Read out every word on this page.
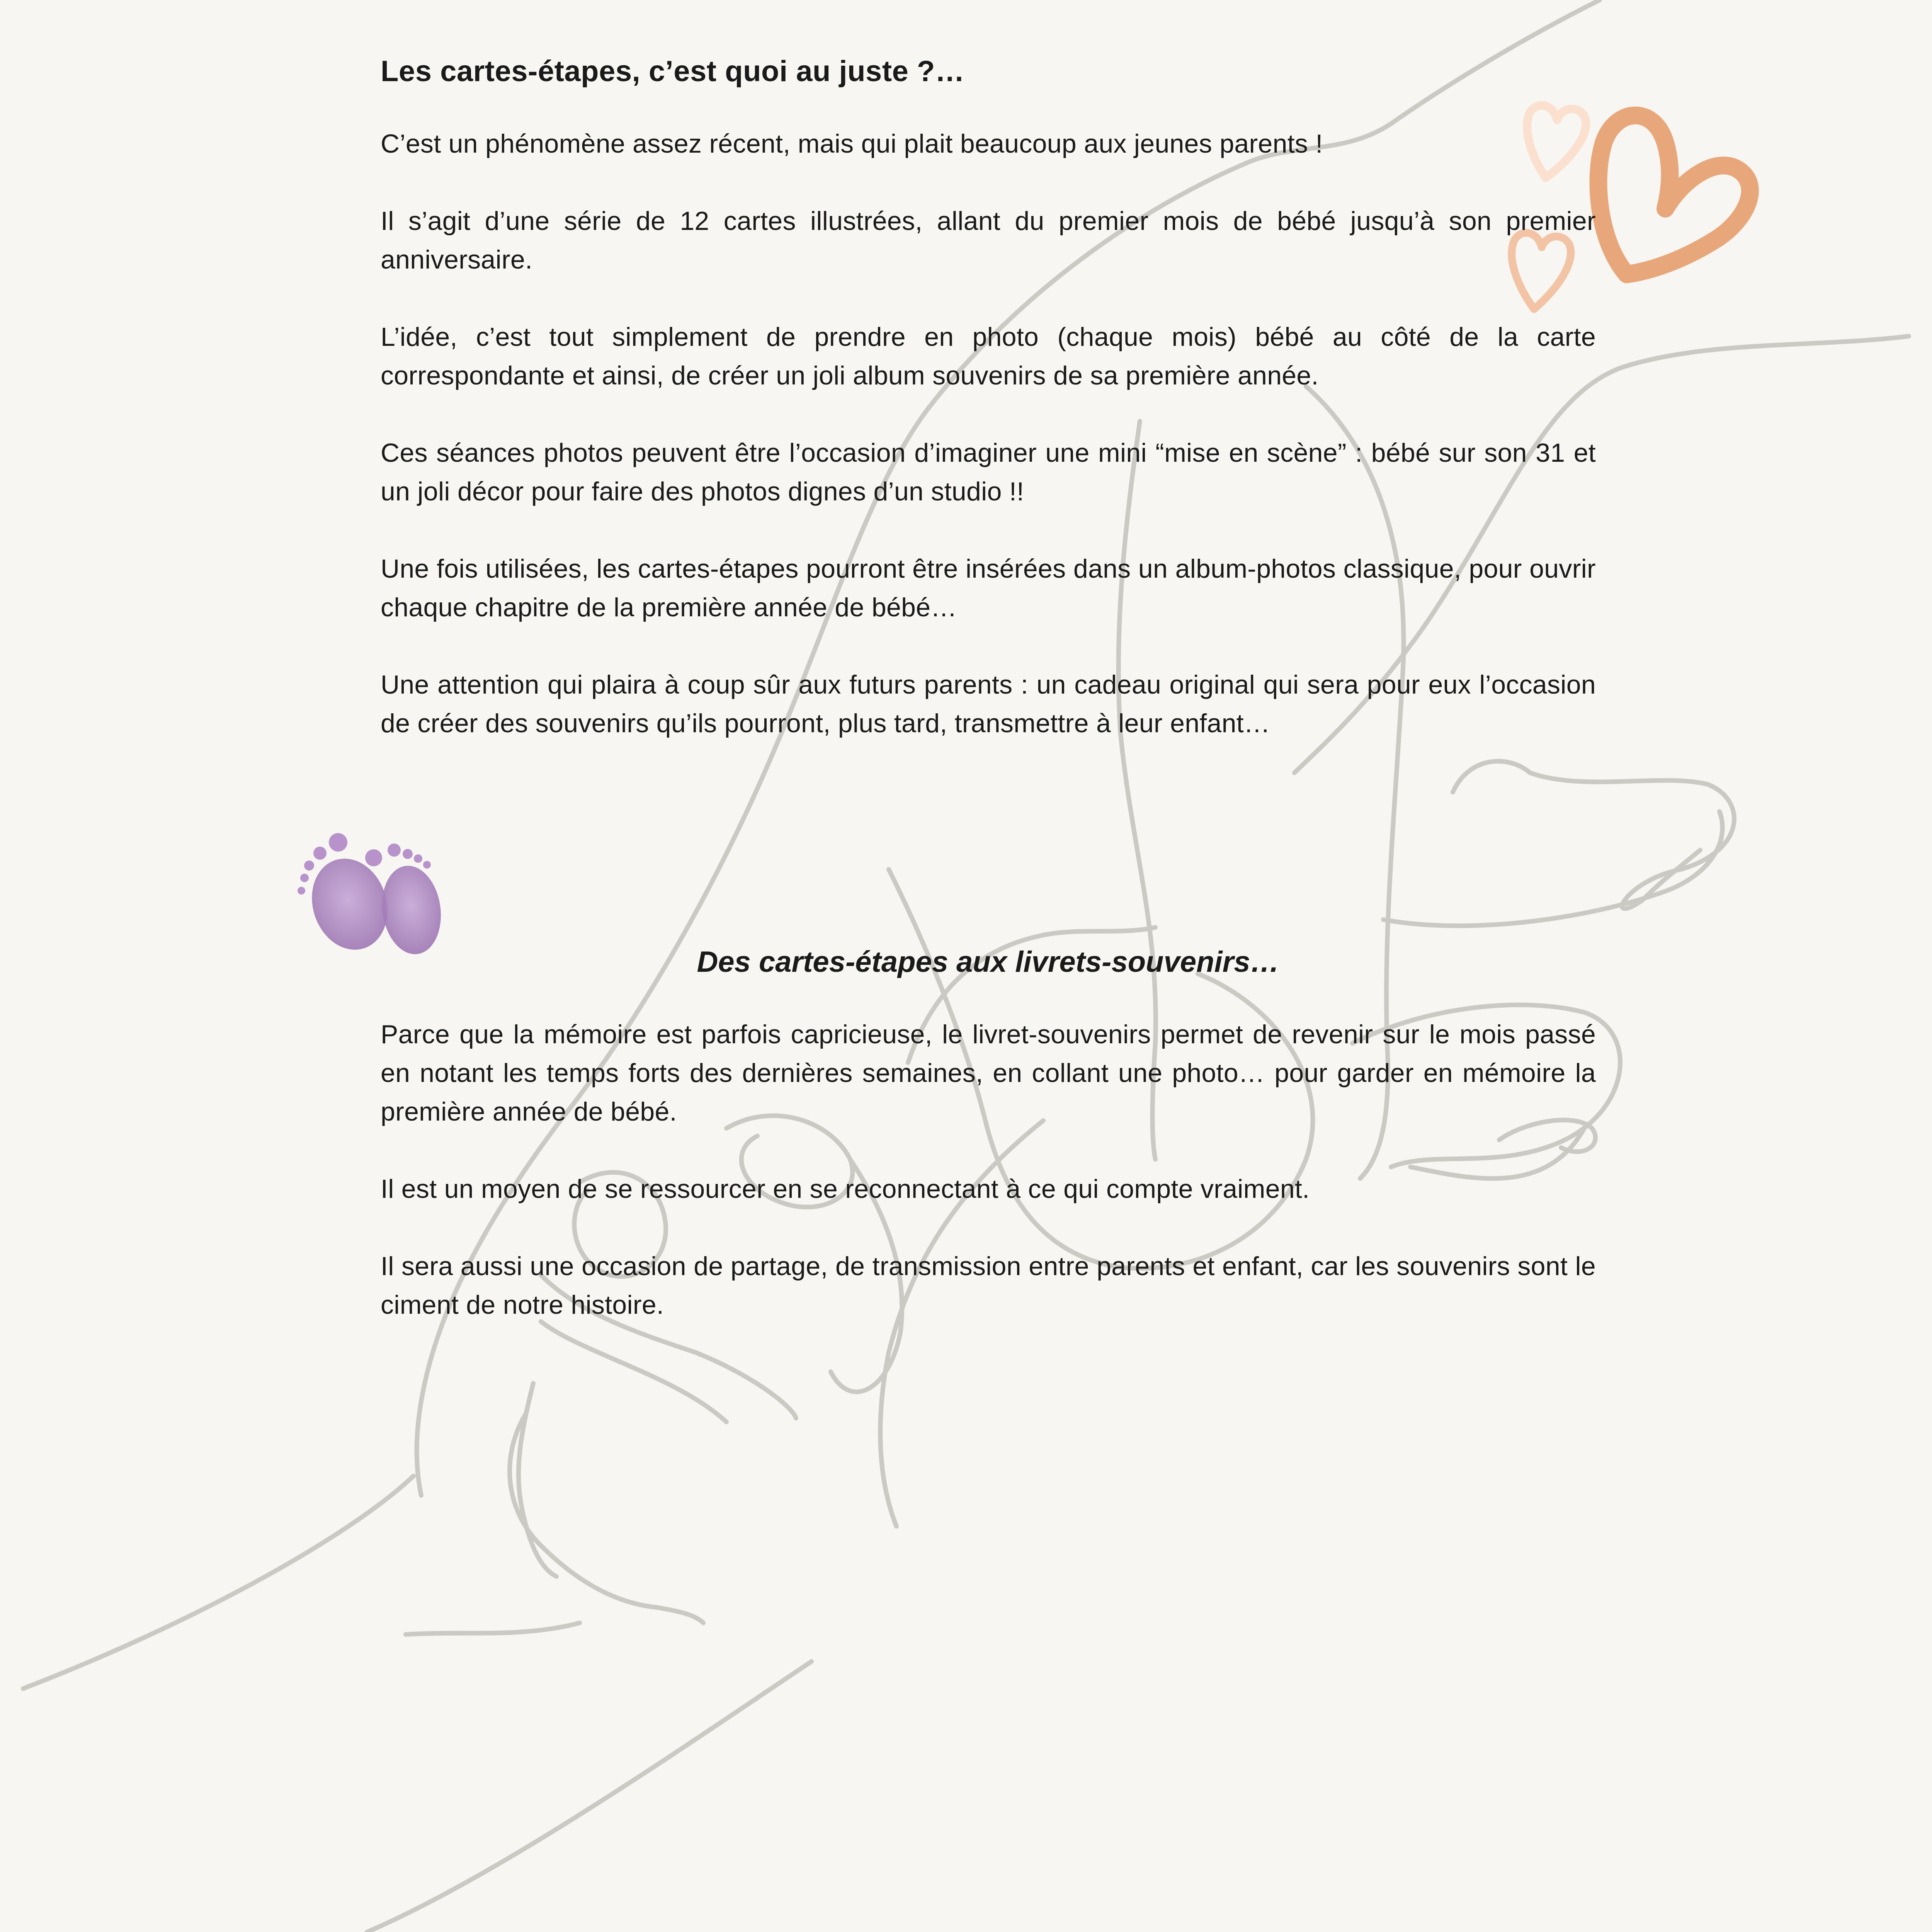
Les cartes-étapes, c’est quoi au juste ?…

C’est un phénomène assez récent, mais qui plait beaucoup aux jeunes parents !

Il s’agit d’une série de 12 cartes illustrées, allant du premier mois de bébé jusqu’à son premier anniversaire.

L’idée, c’est tout simplement de prendre en photo (chaque mois) bébé au côté de la carte correspondante et ainsi, de créer un joli album souvenirs de sa première année.

Ces séances photos peuvent être l’occasion d’imaginer une mini “mise en scène” : bébé sur son 31 et un joli décor pour faire des photos dignes d’un studio !!

Une fois utilisées, les cartes-étapes pourront être insérées dans un album-photos classique, pour ouvrir chaque chapitre de la première année de bébé…

Une attention qui plaira à coup sûr aux futurs parents : un cadeau original qui sera pour eux l’occasion de créer des souvenirs qu’ils pourront, plus tard, transmettre à leur enfant…

Des cartes-étapes aux livrets-souvenirs…

Parce que la mémoire est parfois capricieuse, le livret-souvenirs permet de revenir sur le mois passé en notant les temps forts des dernières semaines, en collant une photo… pour garder en mémoire la première année de bébé.

Il est un moyen de se ressourcer en se reconnectant à ce qui compte vraiment.

Il sera aussi une occasion de partage, de transmission entre parents et enfant, car les souvenirs sont le ciment de notre histoire.
